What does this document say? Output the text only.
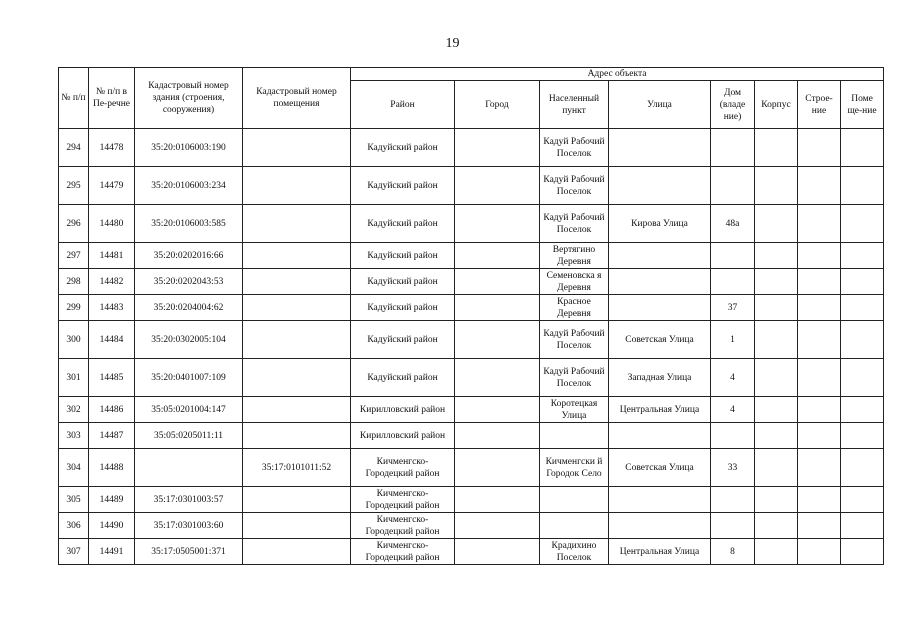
19
№ п/п	№ п/п в Пе-речне	Кадастровый номер здания (строения, сооружения)	Кадастровый номер помещения	Адрес объекта							
				Район	Город	Населенный пункт	Улица	Дом (владе ние)	Корпус	Строе-ние	Поме ще-ние
294	14478	35:20:0106003:190		Кадуйский район		Кадуй Рабочий Поселок					
295	14479	35:20:0106003:234		Кадуйский район		Кадуй Рабочий Поселок					
296	14480	35:20:0106003:585		Кадуйский район		Кадуй Рабочий Поселок	Кирова Улица	48а			
297	14481	35:20:0202016:66		Кадуйский район		Вертягино Деревня					
298	14482	35:20:0202043:53		Кадуйский район		Семеновска я Деревня					
299	14483	35:20:0204004:62		Кадуйский район		Красное Деревня		37			
300	14484	35:20:0302005:104		Кадуйский район		Кадуй Рабочий Поселок	Советская Улица	1			
301	14485	35:20:0401007:109		Кадуйский район		Кадуй Рабочий Поселок	Западная Улица	4			
302	14486	35:05:0201004:147		Кирилловский район		Коротецкая Улица	Центральная Улица	4			
303	14487	35:05:0205011:11		Кирилловский район							
304	14488		35:17:0101011:52	Кичменгско-Городецкий район		Кичменгски й Городок Село	Советская Улица	33			
305	14489	35:17:0301003:57		Кичменгско-Городецкий район							
306	14490	35:17:0301003:60		Кичменгско-Городецкий район							
307	14491	35:17:0505001:371		Кичменгско-Городецкий район		Крадихино Поселок	Центральная Улица	8			
